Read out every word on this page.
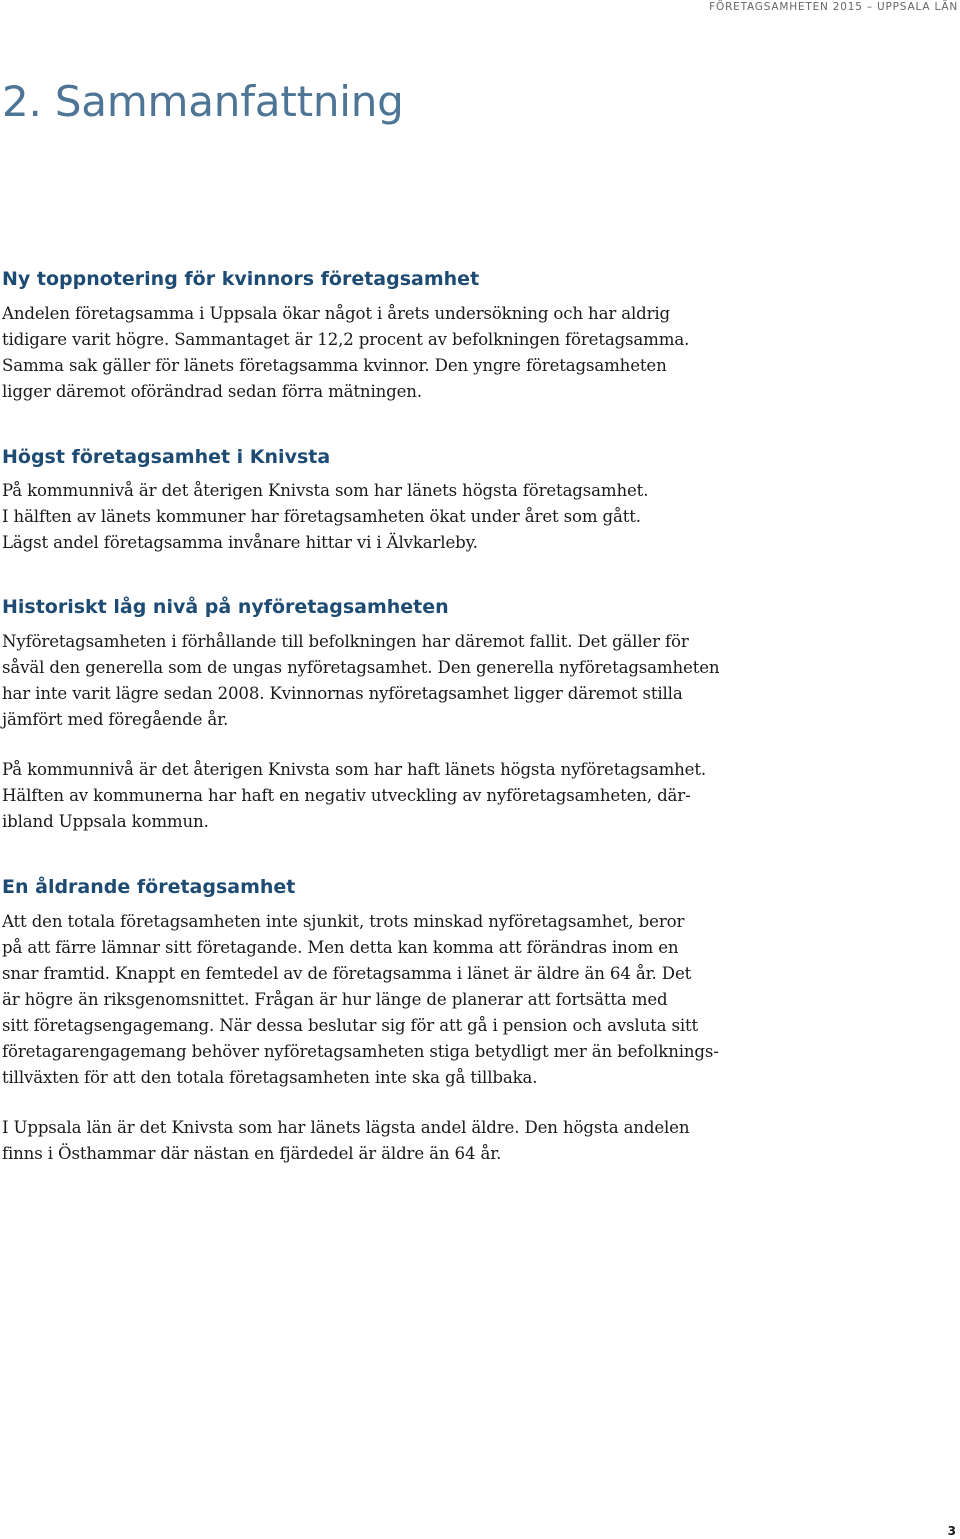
FÖRETAGSAMHETEN 2015 – UPPSALA LÄN
2. Sammanfattning
Ny toppnotering för kvinnors företagsamhet

Andelen företagsamma i Uppsala ökar något i årets undersökning och har aldrig
tidigare varit högre. Sammantaget är 12,2 procent av befolkningen företagsamma.
Samma sak gäller för länets företagsamma kvinnor. Den yngre företagsamheten
ligger däremot oförändrad sedan förra mätningen.

Högst företagsamhet i Knivsta

På kommunnivå är det återigen Knivsta som har länets högsta företagsamhet.
I hälften av länets kommuner har företagsamheten ökat under året som gått.
Lägst andel företagsamma invånare hittar vi i Älvkarleby.

Historiskt låg nivå på nyföretagsamheten

Nyföretagsamheten i förhållande till befolkningen har däremot fallit. Det gäller för
såväl den generella som de ungas nyföretagsamhet. Den generella nyföretagsamheten
har inte varit lägre sedan 2008. Kvinnornas nyföretagsamhet ligger däremot stilla
jämfört med föregående år.

På kommunnivå är det återigen Knivsta som har haft länets högsta nyföretagsamhet.
Hälften av kommunerna har haft en negativ utveckling av nyföretagsamheten, där-
ibland Uppsala kommun.

En åldrande företagsamhet

Att den totala företagsamheten inte sjunkit, trots minskad nyföretagsamhet, beror
på att färre lämnar sitt företagande. Men detta kan komma att förändras inom en
snar framtid. Knappt en femtedel av de företagsamma i länet är äldre än 64 år. Det
är högre än riksgenomsnittet. Frågan är hur länge de planerar att fortsätta med
sitt företagsengagemang. När dessa beslutar sig för att gå i pension och avsluta sitt
företagarengagemang behöver nyföretagsamheten stiga betydligt mer än befolknings-
tillväxten för att den totala företagsamheten inte ska gå tillbaka.

I Uppsala län är det Knivsta som har länets lägsta andel äldre. Den högsta andelen
finns i Östhammar där nästan en fjärdedel är äldre än 64 år.

3
